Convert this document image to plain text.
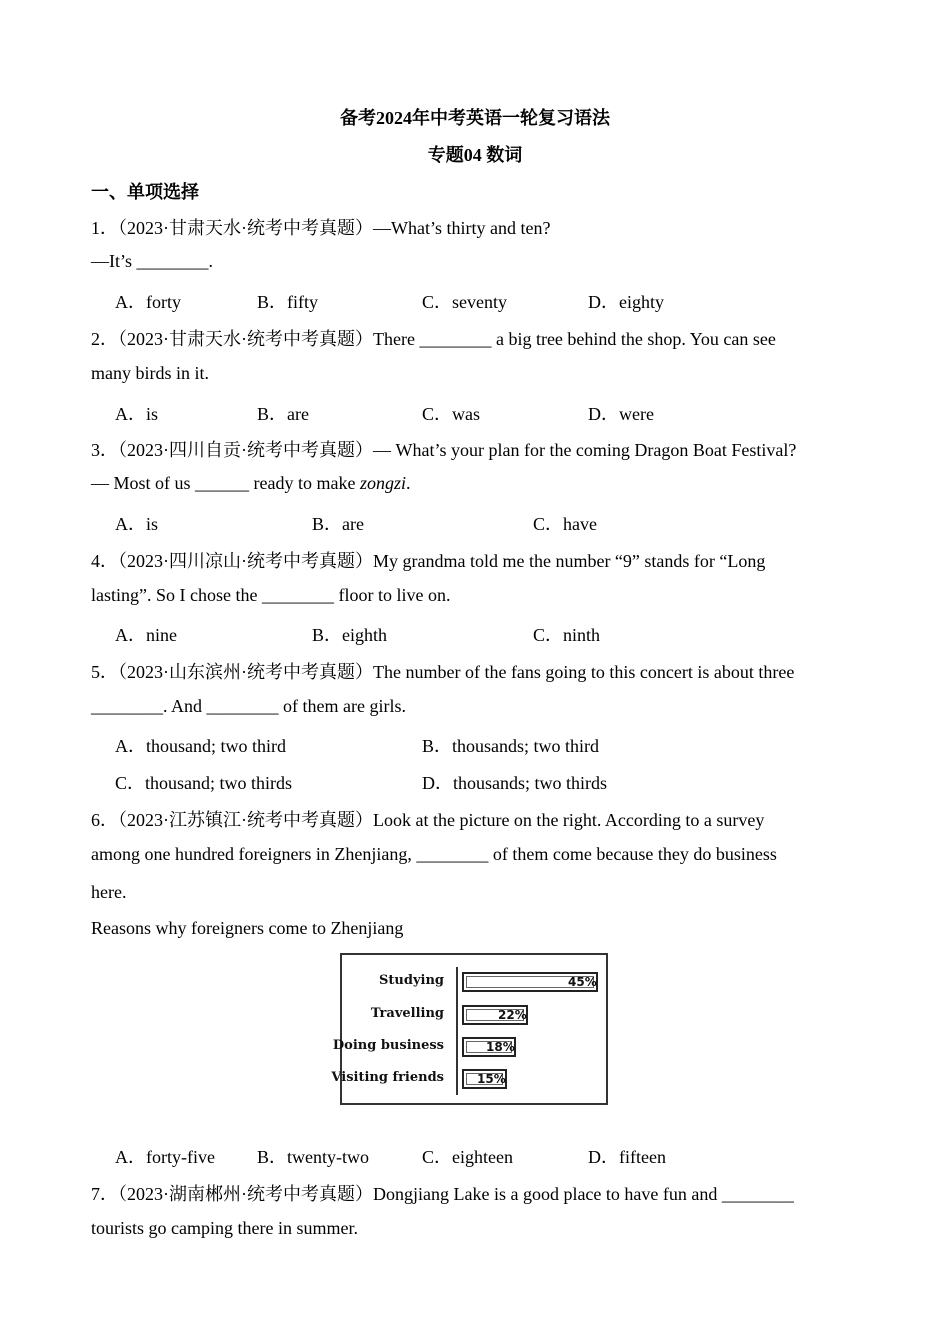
备考2024年中考英语一轮复习语法
专题04 数词
一、单项选择
1．（2023·甘肃天水·统考中考真题）—What’s thirty and ten?
—It’s ________.
A．forty	B．fifty	C．seventy	D．eighty
2．（2023·甘肃天水·统考中考真题）There ________ a big tree behind the shop. You can see
many birds in it.
A．is	B．are	C．was	D．were
3．（2023·四川自贡·统考中考真题）— What’s your plan for the coming Dragon Boat Festival?
— Most of us ______ ready to make zongzi.
A．is	B．are	C．have
4．（2023·四川凉山·统考中考真题）My grandma told me the number “9” stands for “Long
lasting”. So I chose the ________ floor to live on.
A．nine	B．eighth	C．ninth
5．（2023·山东滨州·统考中考真题）The number of the fans going to this concert is about three
________. And ________ of them are girls.
A．thousand; two third	B．thousands; two third
C．thousand; two thirds	D．thousands; two thirds
6．（2023·江苏镇江·统考中考真题）Look at the picture on the right. According to a survey
among one hundred foreigners in Zhenjiang, ________ of them come because they do business
here.
Reasons why foreigners come to Zhenjiang
Studying	45%
Travelling	22%
Doing business	18%
Visiting friends	15%
A．forty-five B．twenty-two	C．eighteen	D．fifteen
7．（2023·湖南郴州·统考中考真题）Dongjiang Lake is a good place to have fun and ________
tourists go camping there in summer.
